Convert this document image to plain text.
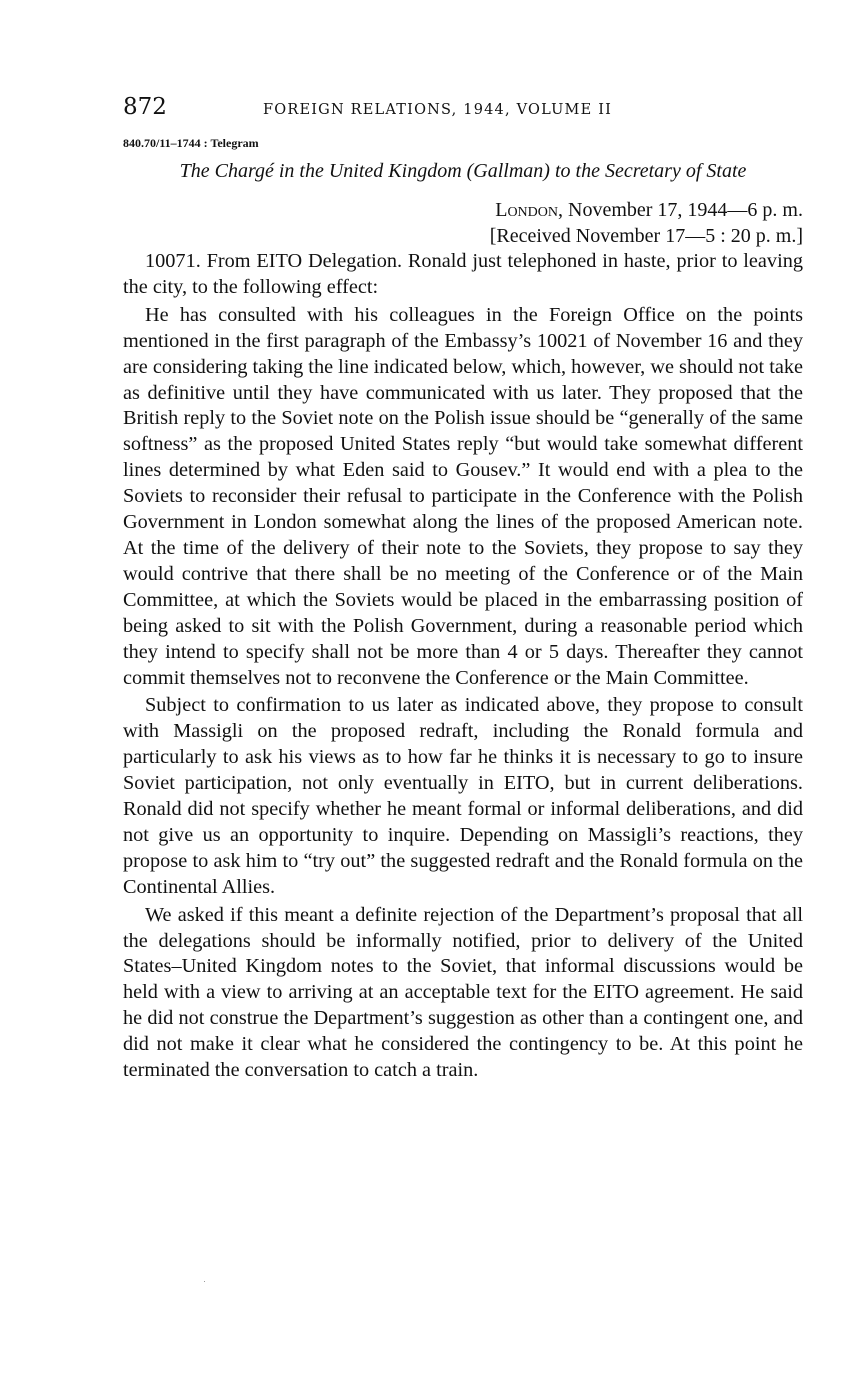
872	FOREIGN RELATIONS, 1944, VOLUME II
840.70/11–1744 : Telegram
The Chargé in the United Kingdom (Gallman) to the Secretary of State
London, November 17, 1944—6 p. m.
[Received November 17—5 : 20 p. m.]

10071. From EITO Delegation. Ronald just telephoned in haste, prior to leaving the city, to the following effect:

He has consulted with his colleagues in the Foreign Office on the points mentioned in the first paragraph of the Embassy’s 10021 of November 16 and they are considering taking the line indicated below, which, however, we should not take as definitive until they have communicated with us later. They proposed that the British reply to the Soviet note on the Polish issue should be “generally of the same softness” as the proposed United States reply “but would take somewhat different lines determined by what Eden said to Gousev.” It would end with a plea to the Soviets to reconsider their refusal to participate in the Conference with the Polish Government in London somewhat along the lines of the proposed American note. At the time of the delivery of their note to the Soviets, they propose to say they would contrive that there shall be no meeting of the Conference or of the Main Committee, at which the Soviets would be placed in the embarrassing position of being asked to sit with the Polish Government, during a reasonable period which they intend to specify shall not be more than 4 or 5 days. Thereafter they cannot commit themselves not to reconvene the Conference or the Main Committee.

Subject to confirmation to us later as indicated above, they propose to consult with Massigli on the proposed redraft, including the Ronald formula and particularly to ask his views as to how far he thinks it is necessary to go to insure Soviet participation, not only eventually in EITO, but in current deliberations. Ronald did not specify whether he meant formal or informal deliberations, and did not give us an opportunity to inquire. Depending on Massigli’s reactions, they propose to ask him to “try out” the suggested redraft and the Ronald formula on the Continental Allies.

We asked if this meant a definite rejection of the Department’s proposal that all the delegations should be informally notified, prior to delivery of the United States–United Kingdom notes to the Soviet, that informal discussions would be held with a view to arriving at an acceptable text for the EITO agreement. He said he did not construe the Department’s suggestion as other than a contingent one, and did not make it clear what he considered the contingency to be. At this point he terminated the conversation to catch a train.
